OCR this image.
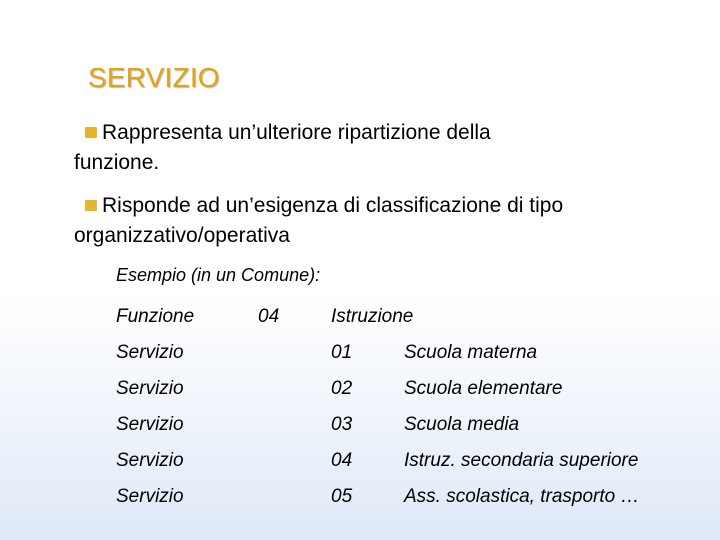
SERVIZIO
Rappresenta un’ulteriore ripartizione della
funzione.
Risponde ad un’esigenza di classificazione di tipo
organizzativo/operativa
Esempio (in un Comune):
Funzione	04	Istruzione
Servizio	01	Scuola materna
Servizio	02	Scuola elementare
Servizio	03	Scuola media
Servizio	04	Istruz. secondaria superiore
Servizio	05	Ass. scolastica, trasporto …
